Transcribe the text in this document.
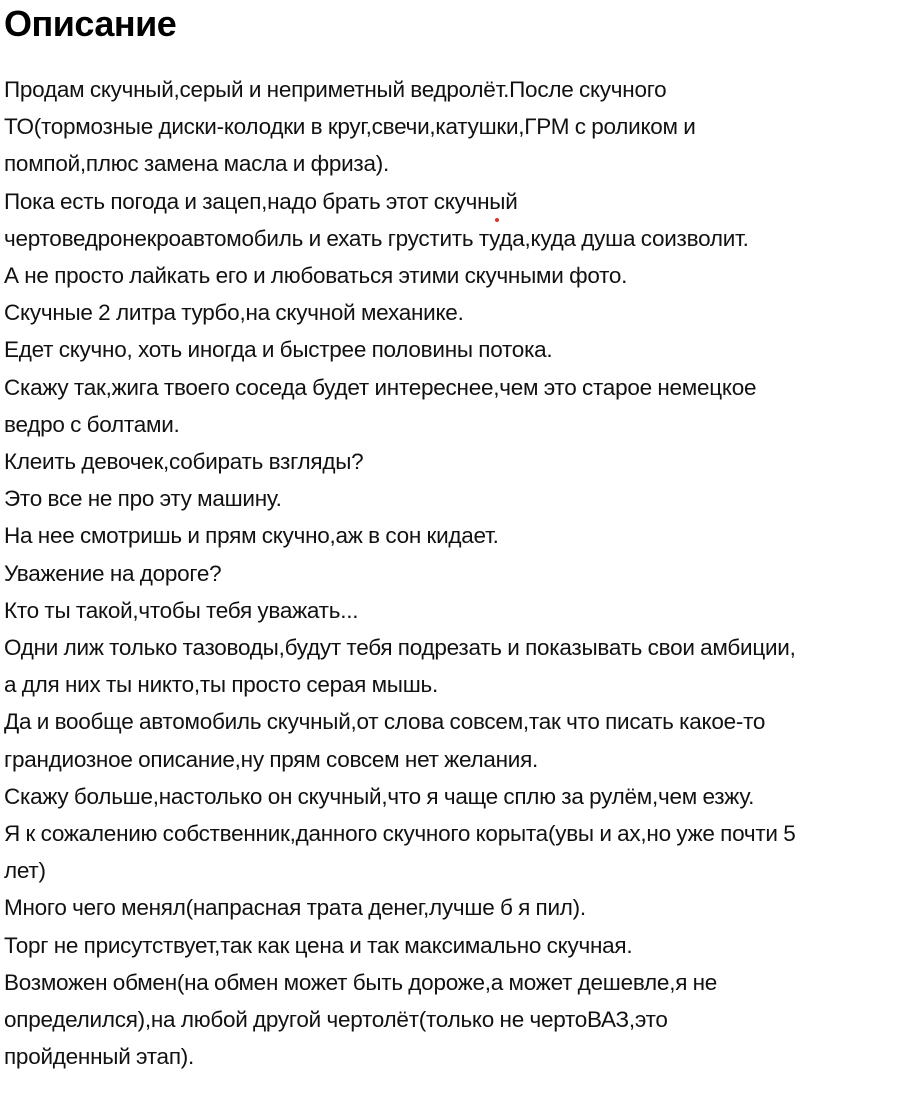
Описание
Продам скучный,серый и неприметный ведролёт.После скучного
ТО(тормозные диски-колодки в круг,свечи,катушки,ГРМ с роликом и
помпой,плюс замена масла и фриза).
Пока есть погода и зацеп,надо брать этот скучный
чертоведронекроавтомобиль и ехать грустить туда,куда душа соизволит.
А не просто лайкать его и любоваться этими скучными фото.
Скучные 2 литра турбо,на скучной механике.
Едет скучно, хоть иногда и быстрее половины потока.
Скажу так,жига твоего соседа будет интереснее,чем это старое немецкое
ведро с болтами.
Клеить девочек,собирать взгляды?
Это все не про эту машину.
На нее смотришь и прям скучно,аж в сон кидает.
Уважение на дороге?
Кто ты такой,чтобы тебя уважать...
Одни лиж только тазоводы,будут тебя подрезать и показывать свои амбиции,
а для них ты никто,ты просто серая мышь.
Да и вообще автомобиль скучный,от слова совсем,так что писать какое-то
грандиозное описание,ну прям совсем нет желания.
Скажу больше,настолько он скучный,что я чаще сплю за рулём,чем езжу.
Я к сожалению собственник,данного скучного корыта(увы и ах,но уже почти 5
лет)
Много чего менял(напрасная трата денег,лучше б я пил).
Торг не присутствует,так как цена и так максимально скучная.
Возможен обмен(на обмен может быть дороже,а может дешевле,я не
определился),на любой другой чертолёт(только не чертоВАЗ,это
пройденный этап).
